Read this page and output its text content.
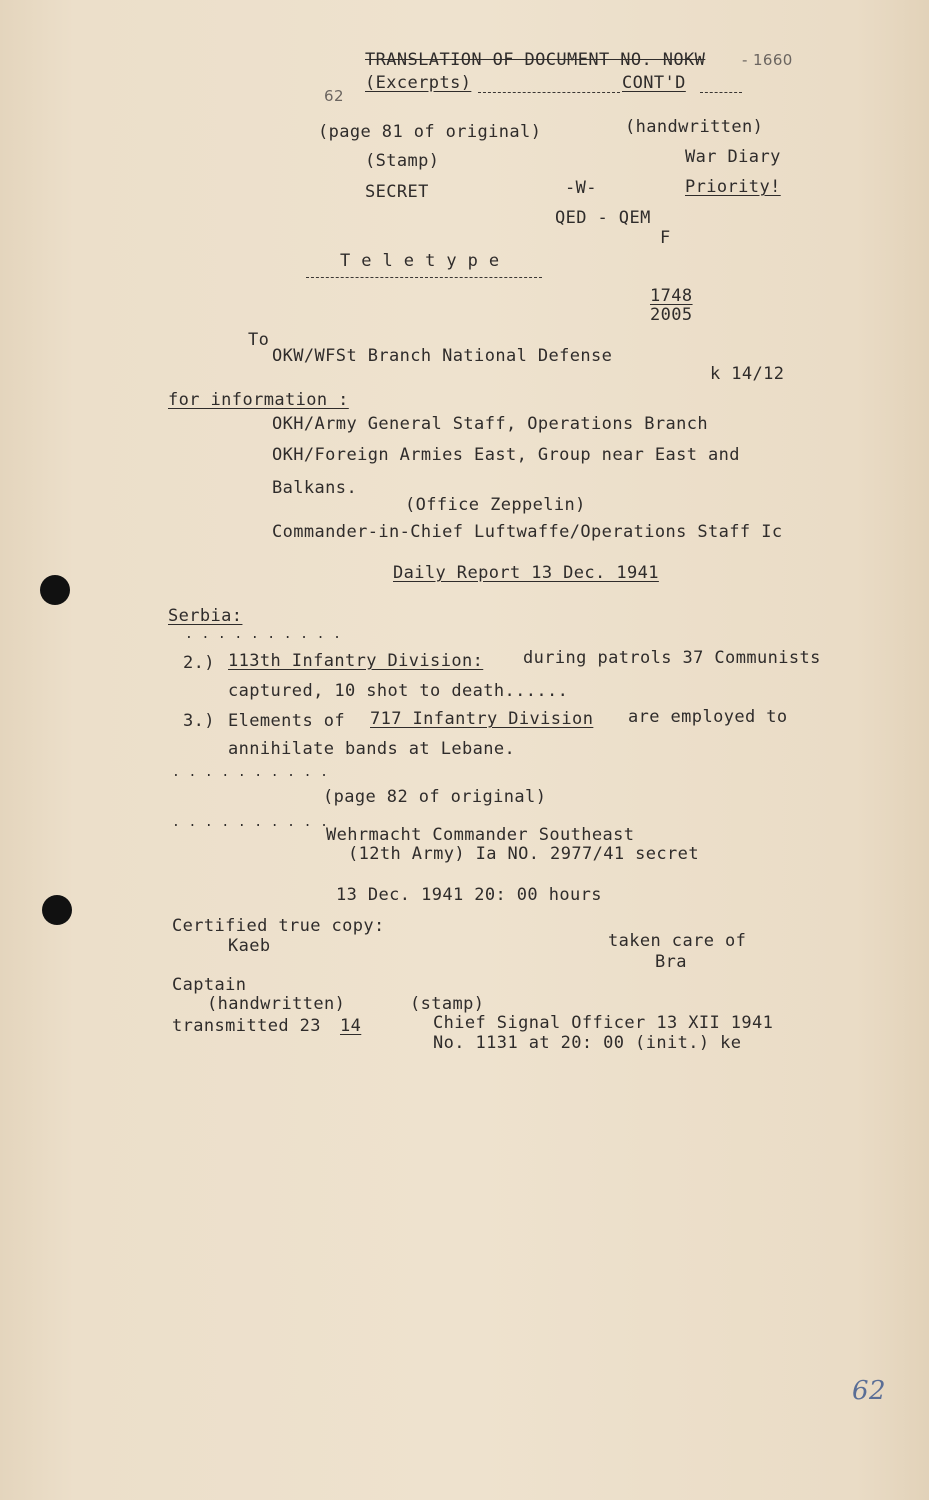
TRANSLATION OF DOCUMENT NO. NOKW - 1660
(Excerpts)	CONT'D
62
(page 81 of original)	(handwritten)
(Stamp)	War Diary
SECRET	-W-	Priority!
QED - QEM
F
T e l e t y p e
1748
2005
To
OKW/WFSt Branch National Defense
k 14/12
for information :
OKH/Army General Staff, Operations Branch
OKH/Foreign Armies East, Group near East and
Balkans.
(Office Zeppelin)
Commander-in-Chief Luftwaffe/Operations Staff Ic
Daily Report 13 Dec. 1941
Serbia:
. . . . . . . . . .
2.) 113th Infantry Division: during patrols 37 Communists
captured, 10 shot to death......
3.) Elements of 717 Infantry Division are employed to
annihilate bands at Lebane.
. . . . . . . . . .
(page 82 of original)
. . . . . . . . . .
Wehrmacht Commander Southeast
(12th Army) Ia NO. 2977/41 secret
13 Dec. 1941 20: 00 hours
Certified true copy:
Kaeb	taken care of
Bra
Captain
(handwritten)
transmitted 23 14
(stamp)
Chief Signal Officer 13 XII 1941
No. 1131 at 20: 00 (init.) ke
62
